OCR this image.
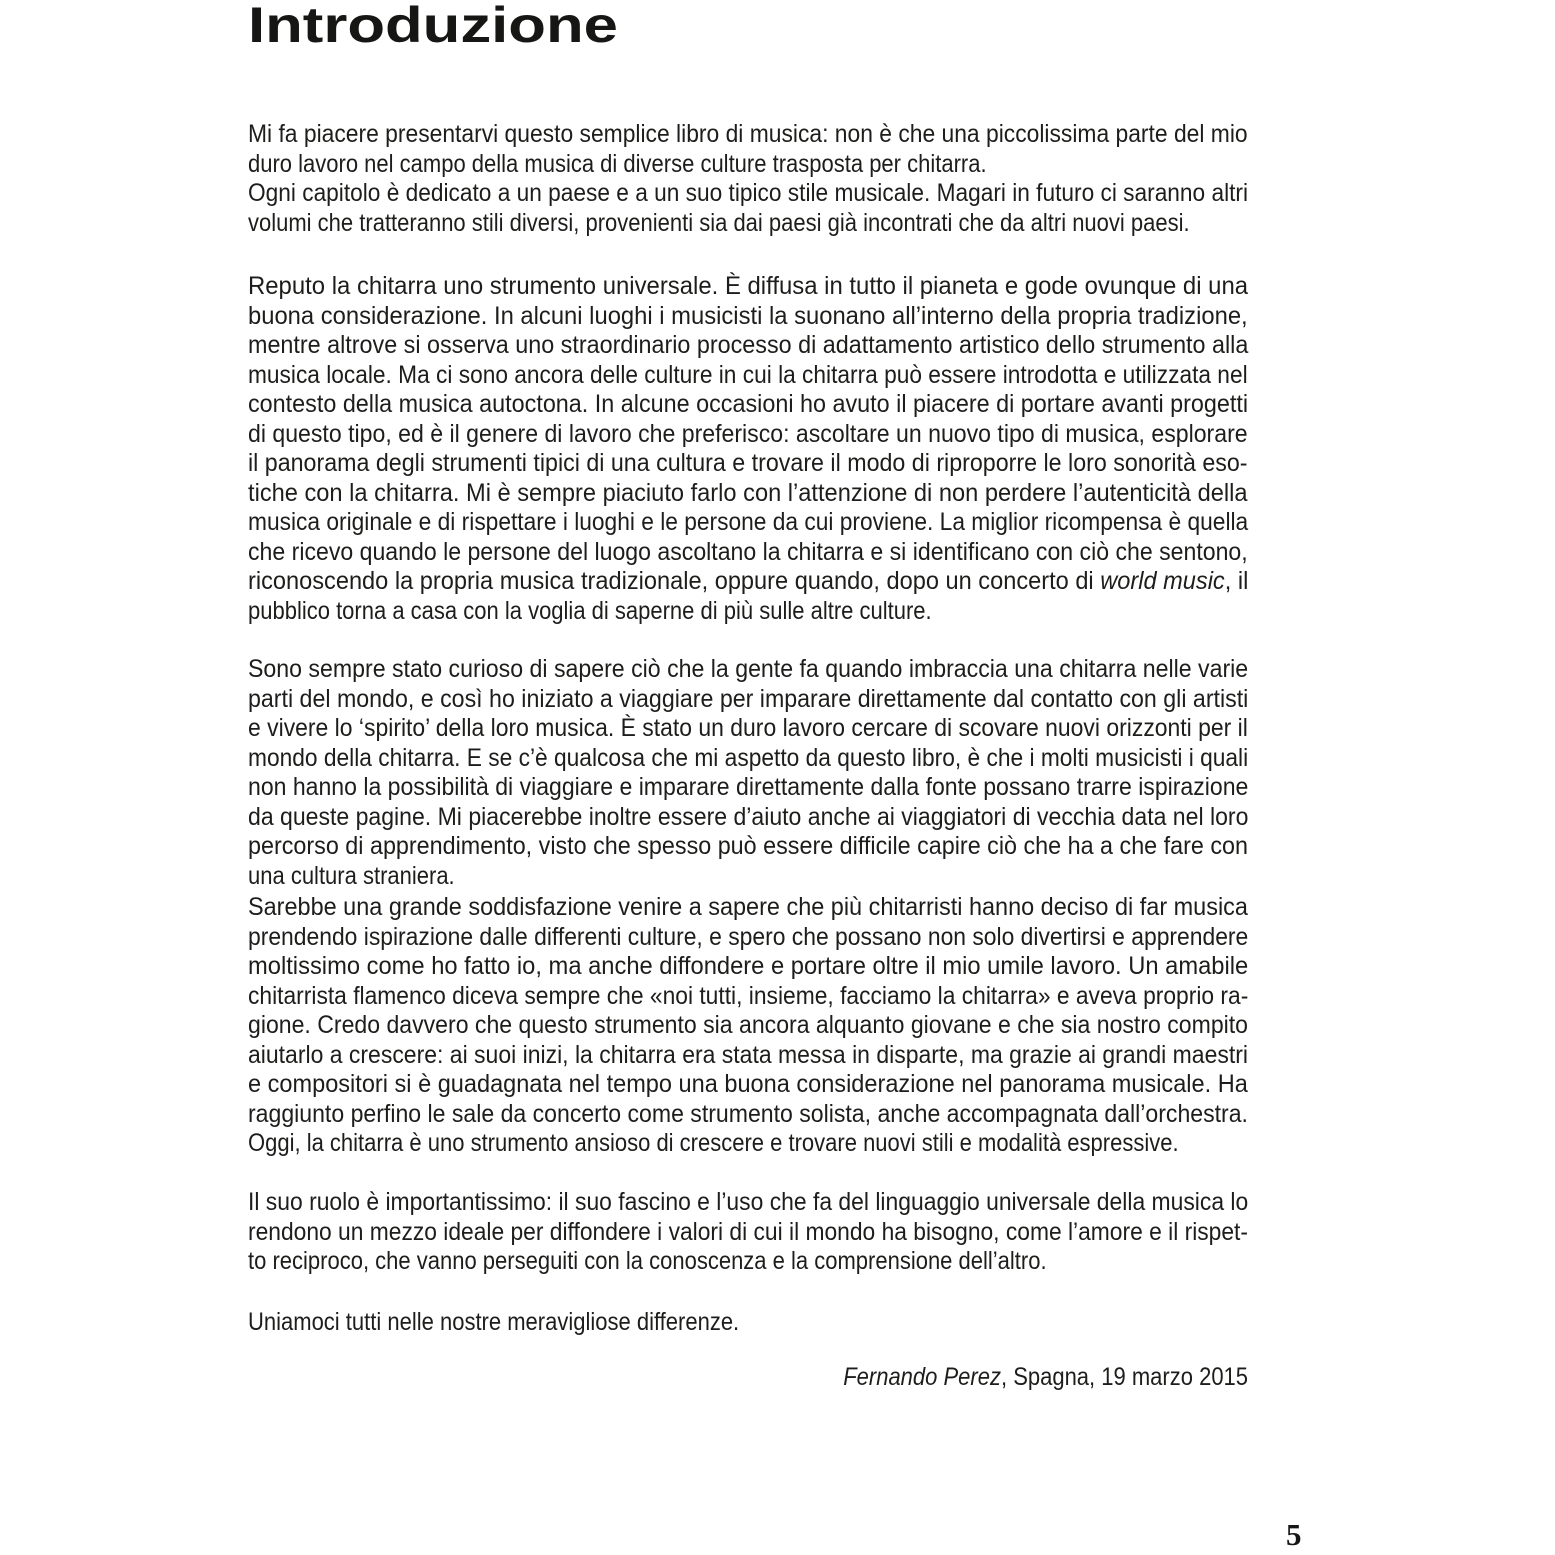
Introduzione
Mi fa piacere presentarvi questo semplice libro di musica: non è che una piccolissima parte del mio
duro lavoro nel campo della musica di diverse culture trasposta per chitarra.
Ogni capitolo è dedicato a un paese e a un suo tipico stile musicale. Magari in futuro ci saranno altri
volumi che tratteranno stili diversi, provenienti sia dai paesi già incontrati che da altri nuovi paesi.
Reputo la chitarra uno strumento universale. È diffusa in tutto il pianeta e gode ovunque di una
buona considerazione. In alcuni luoghi i musicisti la suonano all’interno della propria tradizione,
mentre altrove si osserva uno straordinario processo di adattamento artistico dello strumento alla
musica locale. Ma ci sono ancora delle culture in cui la chitarra può essere introdotta e utilizzata nel
contesto della musica autoctona. In alcune occasioni ho avuto il piacere di portare avanti progetti
di questo tipo, ed è il genere di lavoro che preferisco: ascoltare un nuovo tipo di musica, esplorare
il panorama degli strumenti tipici di una cultura e trovare il modo di riproporre le loro sonorità eso-
tiche con la chitarra. Mi è sempre piaciuto farlo con l’attenzione di non perdere l’autenticità della
musica originale e di rispettare i luoghi e le persone da cui proviene. La miglior ricompensa è quella
che ricevo quando le persone del luogo ascoltano la chitarra e si identificano con ciò che sentono,
riconoscendo la propria musica tradizionale, oppure quando, dopo un concerto di world music, il
pubblico torna a casa con la voglia di saperne di più sulle altre culture.
Sono sempre stato curioso di sapere ciò che la gente fa quando imbraccia una chitarra nelle varie
parti del mondo, e così ho iniziato a viaggiare per imparare direttamente dal contatto con gli artisti
e vivere lo ‘spirito’ della loro musica. È stato un duro lavoro cercare di scovare nuovi orizzonti per il
mondo della chitarra. E se c’è qualcosa che mi aspetto da questo libro, è che i molti musicisti i quali
non hanno la possibilità di viaggiare e imparare direttamente dalla fonte possano trarre ispirazione
da queste pagine. Mi piacerebbe inoltre essere d’aiuto anche ai viaggiatori di vecchia data nel loro
percorso di apprendimento, visto che spesso può essere difficile capire ciò che ha a che fare con
una cultura straniera.
Sarebbe una grande soddisfazione venire a sapere che più chitarristi hanno deciso di far musica
prendendo ispirazione dalle differenti culture, e spero che possano non solo divertirsi e apprendere
moltissimo come ho fatto io, ma anche diffondere e portare oltre il mio umile lavoro. Un amabile
chitarrista flamenco diceva sempre che «noi tutti, insieme, facciamo la chitarra» e aveva proprio ra-
gione. Credo davvero che questo strumento sia ancora alquanto giovane e che sia nostro compito
aiutarlo a crescere: ai suoi inizi, la chitarra era stata messa in disparte, ma grazie ai grandi maestri
e compositori si è guadagnata nel tempo una buona considerazione nel panorama musicale. Ha
raggiunto perfino le sale da concerto come strumento solista, anche accompagnata dall’orchestra.
Oggi, la chitarra è uno strumento ansioso di crescere e trovare nuovi stili e modalità espressive.
Il suo ruolo è importantissimo: il suo fascino e l’uso che fa del linguaggio universale della musica lo
rendono un mezzo ideale per diffondere i valori di cui il mondo ha bisogno, come l’amore e il rispet-
to reciproco, che vanno perseguiti con la conoscenza e la comprensione dell’altro.
Uniamoci tutti nelle nostre meravigliose differenze.
Fernando Perez, Spagna, 19 marzo 2015
5
